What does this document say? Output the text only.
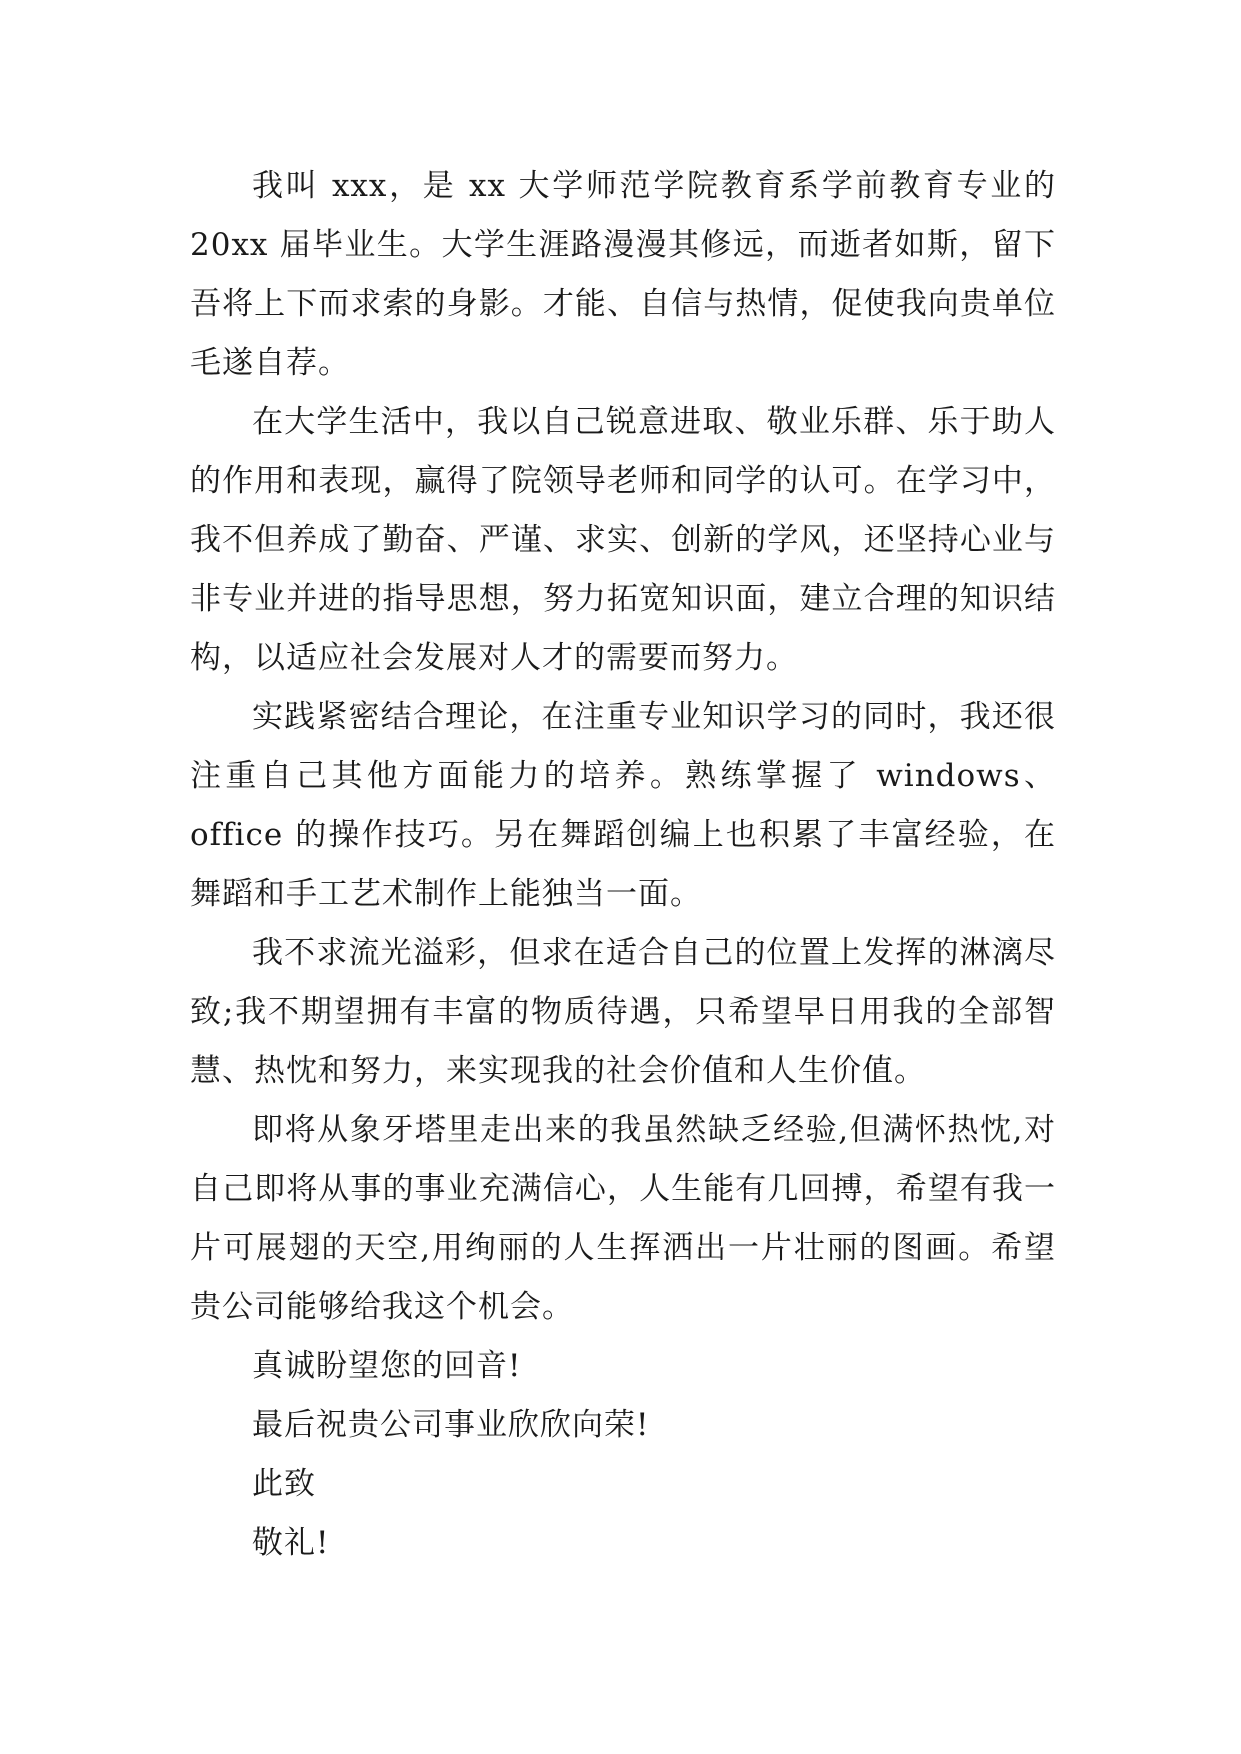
我叫 xxx，是 xx 大学师范学院教育系学前教育专业的 20xx 届毕业生。大学生涯路漫漫其修远，而逝者如斯，留下吾将上下而求索的身影。才能、自信与热情，促使我向贵单位毛遂自荐。

在大学生活中，我以自己锐意进取、敬业乐群、乐于助人的作用和表现，赢得了院领导老师和同学的认可。在学习中，我不但养成了勤奋、严谨、求实、创新的学风，还坚持心业与非专业并进的指导思想，努力拓宽知识面，建立合理的知识结构，以适应社会发展对人才的需要而努力。

实践紧密结合理论，在注重专业知识学习的同时，我还很注重自己其他方面能力的培养。熟练掌握了 windows、office 的操作技巧。另在舞蹈创编上也积累了丰富经验，在舞蹈和手工艺术制作上能独当一面。

我不求流光溢彩，但求在适合自己的位置上发挥的淋漓尽致;我不期望拥有丰富的物质待遇，只希望早日用我的全部智慧、热忱和努力，来实现我的社会价值和人生价值。

即将从象牙塔里走出来的我虽然缺乏经验,但满怀热忱,对自己即将从事的事业充满信心，人生能有几回搏，希望有我一片可展翅的天空,用绚丽的人生挥洒出一片壮丽的图画。希望贵公司能够给我这个机会。

真诚盼望您的回音!

最后祝贵公司事业欣欣向荣!

此致

敬礼!
